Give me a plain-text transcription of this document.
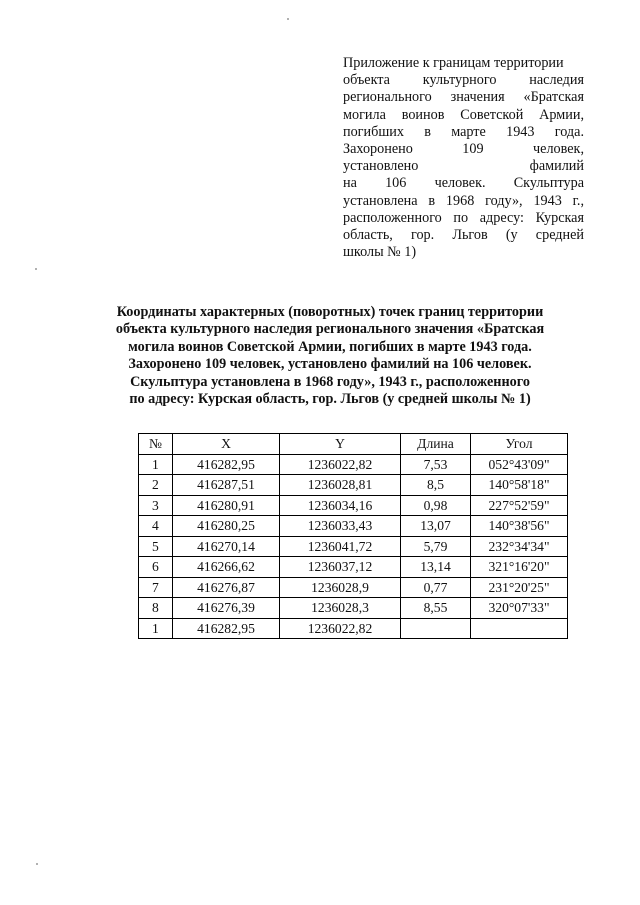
Приложение к границам территории
объекта культурного наследия
регионального значения «Братская
могила воинов Советской Армии,
погибших в марте 1943 года.
Захоронено 109 человек,
установлено фамилий
на 106 человек. Скульптура
установлена в 1968 году», 1943 г.,
расположенного по адресу: Курская
область, гор. Льгов (у средней
школы № 1)
Координаты характерных (поворотных) точек границ территории
объекта культурного наследия регионального значения «Братская
могила воинов Советской Армии, погибших в марте 1943 года.
Захоронено 109 человек, установлено фамилий на 106 человек.
Скульптура установлена в 1968 году», 1943 г., расположенного
по адресу: Курская область, гор. Льгов (у средней школы № 1)
№	X	Y	Длина	Угол
1	416282,95	1236022,82	7,53	052°43'09"
2	416287,51	1236028,81	8,5	140°58'18"
3	416280,91	1236034,16	0,98	227°52'59"
4	416280,25	1236033,43	13,07	140°38'56"
5	416270,14	1236041,72	5,79	232°34'34"
6	416266,62	1236037,12	13,14	321°16'20"
7	416276,87	1236028,9	0,77	231°20'25"
8	416276,39	1236028,3	8,55	320°07'33"
1	416282,95	1236022,82		
